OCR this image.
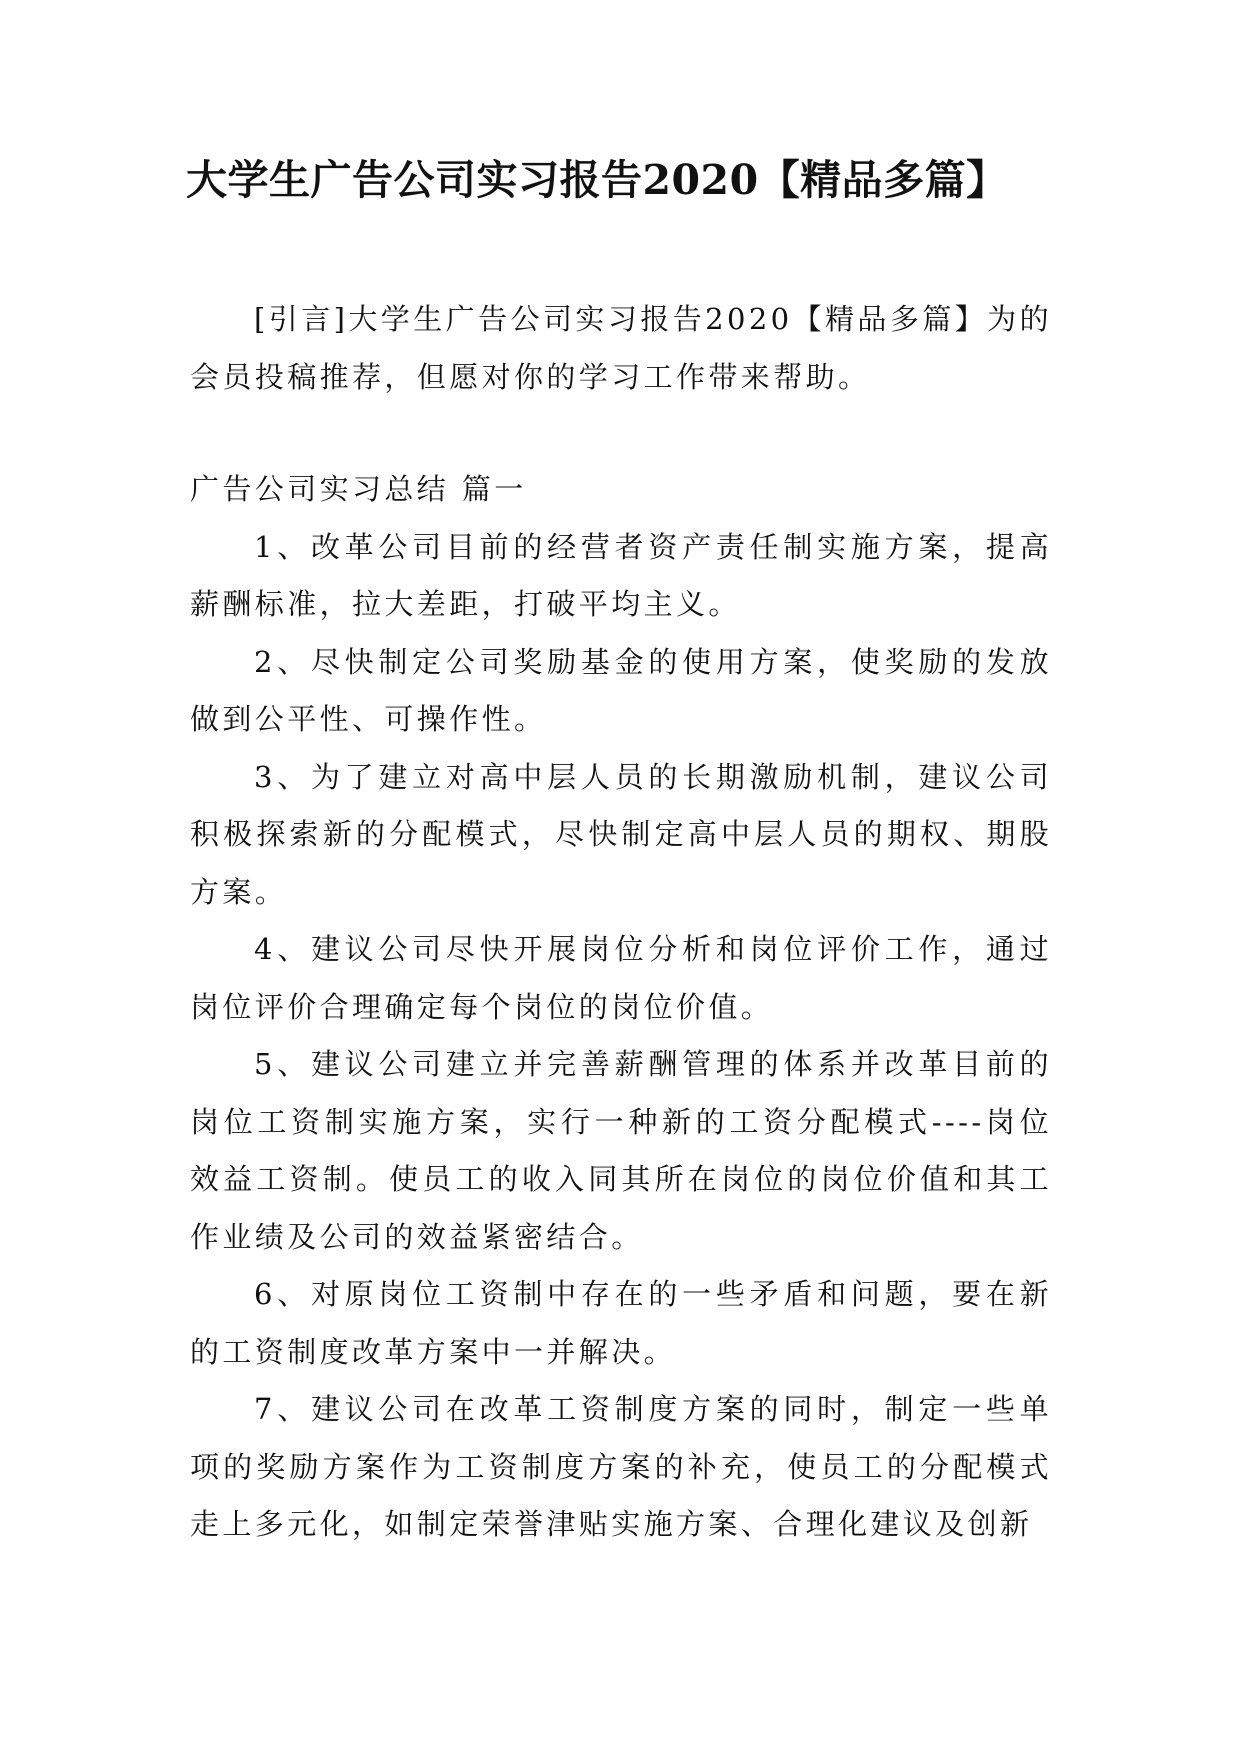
大学生广告公司实习报告2020【精品多篇】

[引言]大学生广告公司实习报告2020【精品多篇】为的会员投稿推荐，但愿对你的学习工作带来帮助。

广告公司实习总结 篇一

1、改革公司目前的经营者资产责任制实施方案，提高薪酬标准，拉大差距，打破平均主义。

2、尽快制定公司奖励基金的使用方案，使奖励的发放做到公平性、可操作性。

3、为了建立对高中层人员的长期激励机制，建议公司积极探索新的分配模式，尽快制定高中层人员的期权、期股方案。

4、建议公司尽快开展岗位分析和岗位评价工作，通过岗位评价合理确定每个岗位的岗位价值。

5、建议公司建立并完善薪酬管理的体系并改革目前的岗位工资制实施方案，实行一种新的工资分配模式----岗位效益工资制。使员工的收入同其所在岗位的岗位价值和其工作业绩及公司的效益紧密结合。

6、对原岗位工资制中存在的一些矛盾和问题，要在新的工资制度改革方案中一并解决。

7、建议公司在改革工资制度方案的同时，制定一些单项的奖励方案作为工资制度方案的补充，使员工的分配模式走上多元化，如制定荣誉津贴实施方案、合理化建议及创新
